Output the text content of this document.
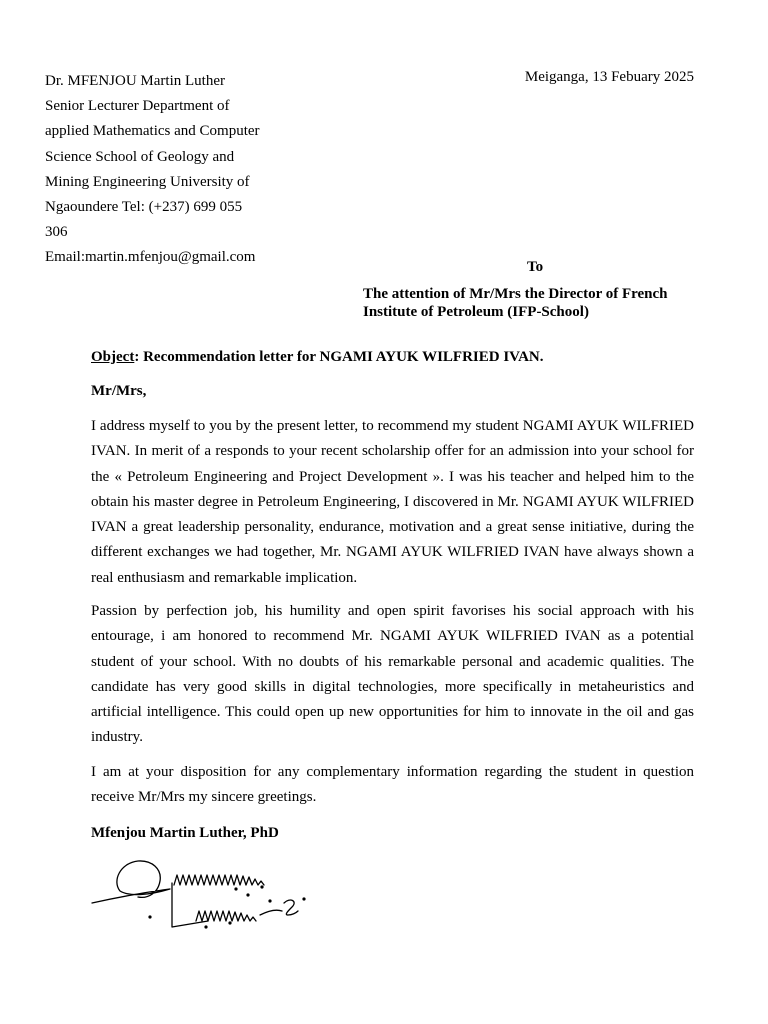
Dr. MFENJOU Martin Luther
Senior Lecturer Department of
applied Mathematics and Computer
Science School of Geology and
Mining Engineering University of
Ngaoundere Tel: (+237) 699 055
306
Email:martin.mfenjou@gmail.com
Meiganga, 13 Febuary 2025
To
The attention of Mr/Mrs the Director of French
Institute of Petroleum (IFP-School)
Object: Recommendation letter for NGAMI AYUK WILFRIED IVAN.
Mr/Mrs,

I address myself to you by the present letter, to recommend my student NGAMI AYUK WILFRIED IVAN. In merit of a responds to your recent scholarship offer for an admission into your school for the « Petroleum Engineering and Project Development ». I was his teacher and helped him to the obtain his master degree in Petroleum Engineering, I discovered in Mr. NGAMI AYUK WILFRIED IVAN a great leadership personality, endurance, motivation and a great sense initiative, during the different exchanges we had together, Mr. NGAMI AYUK WILFRIED IVAN have always shown a real enthusiasm and remarkable implication.

Passion by perfection job, his humility and open spirit favorises his social approach with his entourage, i am honored to recommend Mr. NGAMI AYUK WILFRIED IVAN as a potential student of your school. With no doubts of his remarkable personal and academic qualities. The candidate has very good skills in digital technologies, more specifically in metaheuristics and artificial intelligence. This could open up new opportunities for him to innovate in the oil and gas industry.

I am at your disposition for any complementary information regarding the student in question receive Mr/Mrs my sincere greetings.

Mfenjou Martin Luther, PhD
